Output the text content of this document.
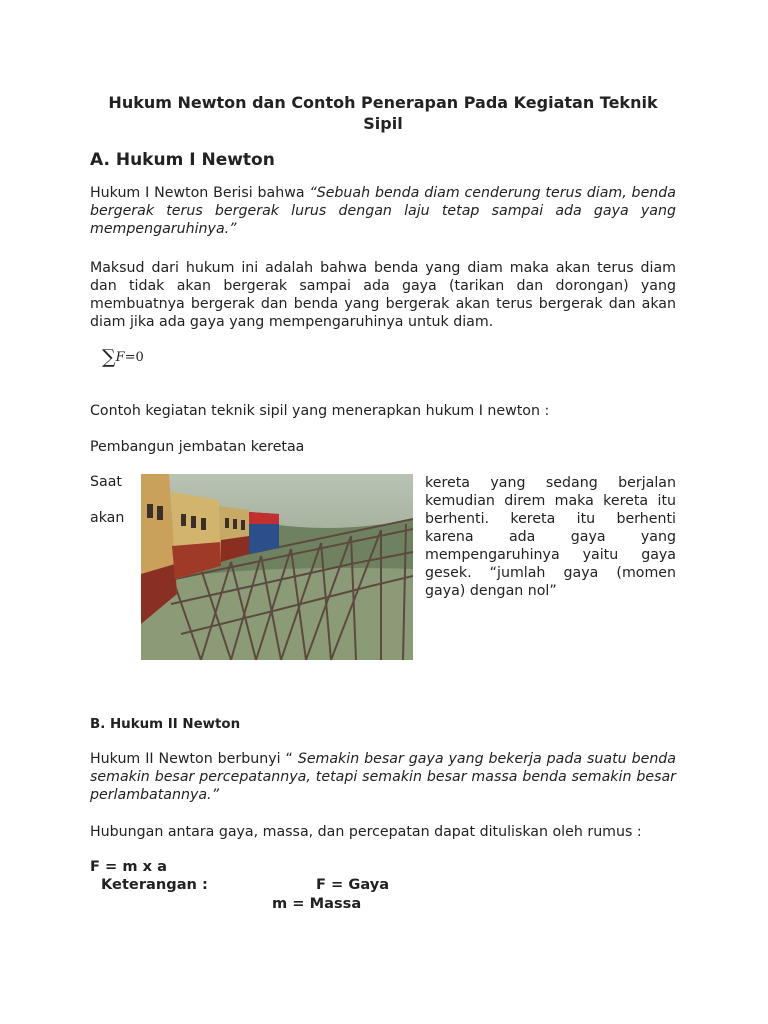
Hukum Newton dan Contoh Penerapan Pada Kegiatan Teknik Sipil
A. Hukum I Newton
Hukum I Newton Berisi bahwa “Sebuah benda diam cenderung terus diam, benda bergerak terus bergerak lurus dengan laju tetap sampai ada gaya yang mempengaruhinya.”
Maksud dari hukum ini adalah bahwa benda yang diam maka akan terus diam dan tidak akan bergerak sampai ada gaya (tarikan dan dorongan) yang membuatnya bergerak dan benda yang bergerak akan terus bergerak dan akan diam jika ada gaya yang mempengaruhinya untuk diam.
∑F=0
Contoh kegiatan teknik sipil yang menerapkan hukum I newton :
Pembangun jembatan keretaa
Saat
akan
kereta yang sedang berjalan kemudian direm maka kereta itu berhenti. kereta itu berhenti karena ada gaya yang mempengaruhinya yaitu gaya gesek. “jumlah gaya (momen gaya) dengan nol”
B. Hukum II Newton
Hukum II Newton berbunyi “ Semakin besar gaya yang bekerja pada suatu benda semakin besar percepatannya, tetapi semakin besar massa benda semakin besar perlambatannya.”
Hubungan antara gaya, massa, dan percepatan dapat dituliskan oleh rumus :
F = m x a
Keterangan :	F = Gaya
m = Massa
